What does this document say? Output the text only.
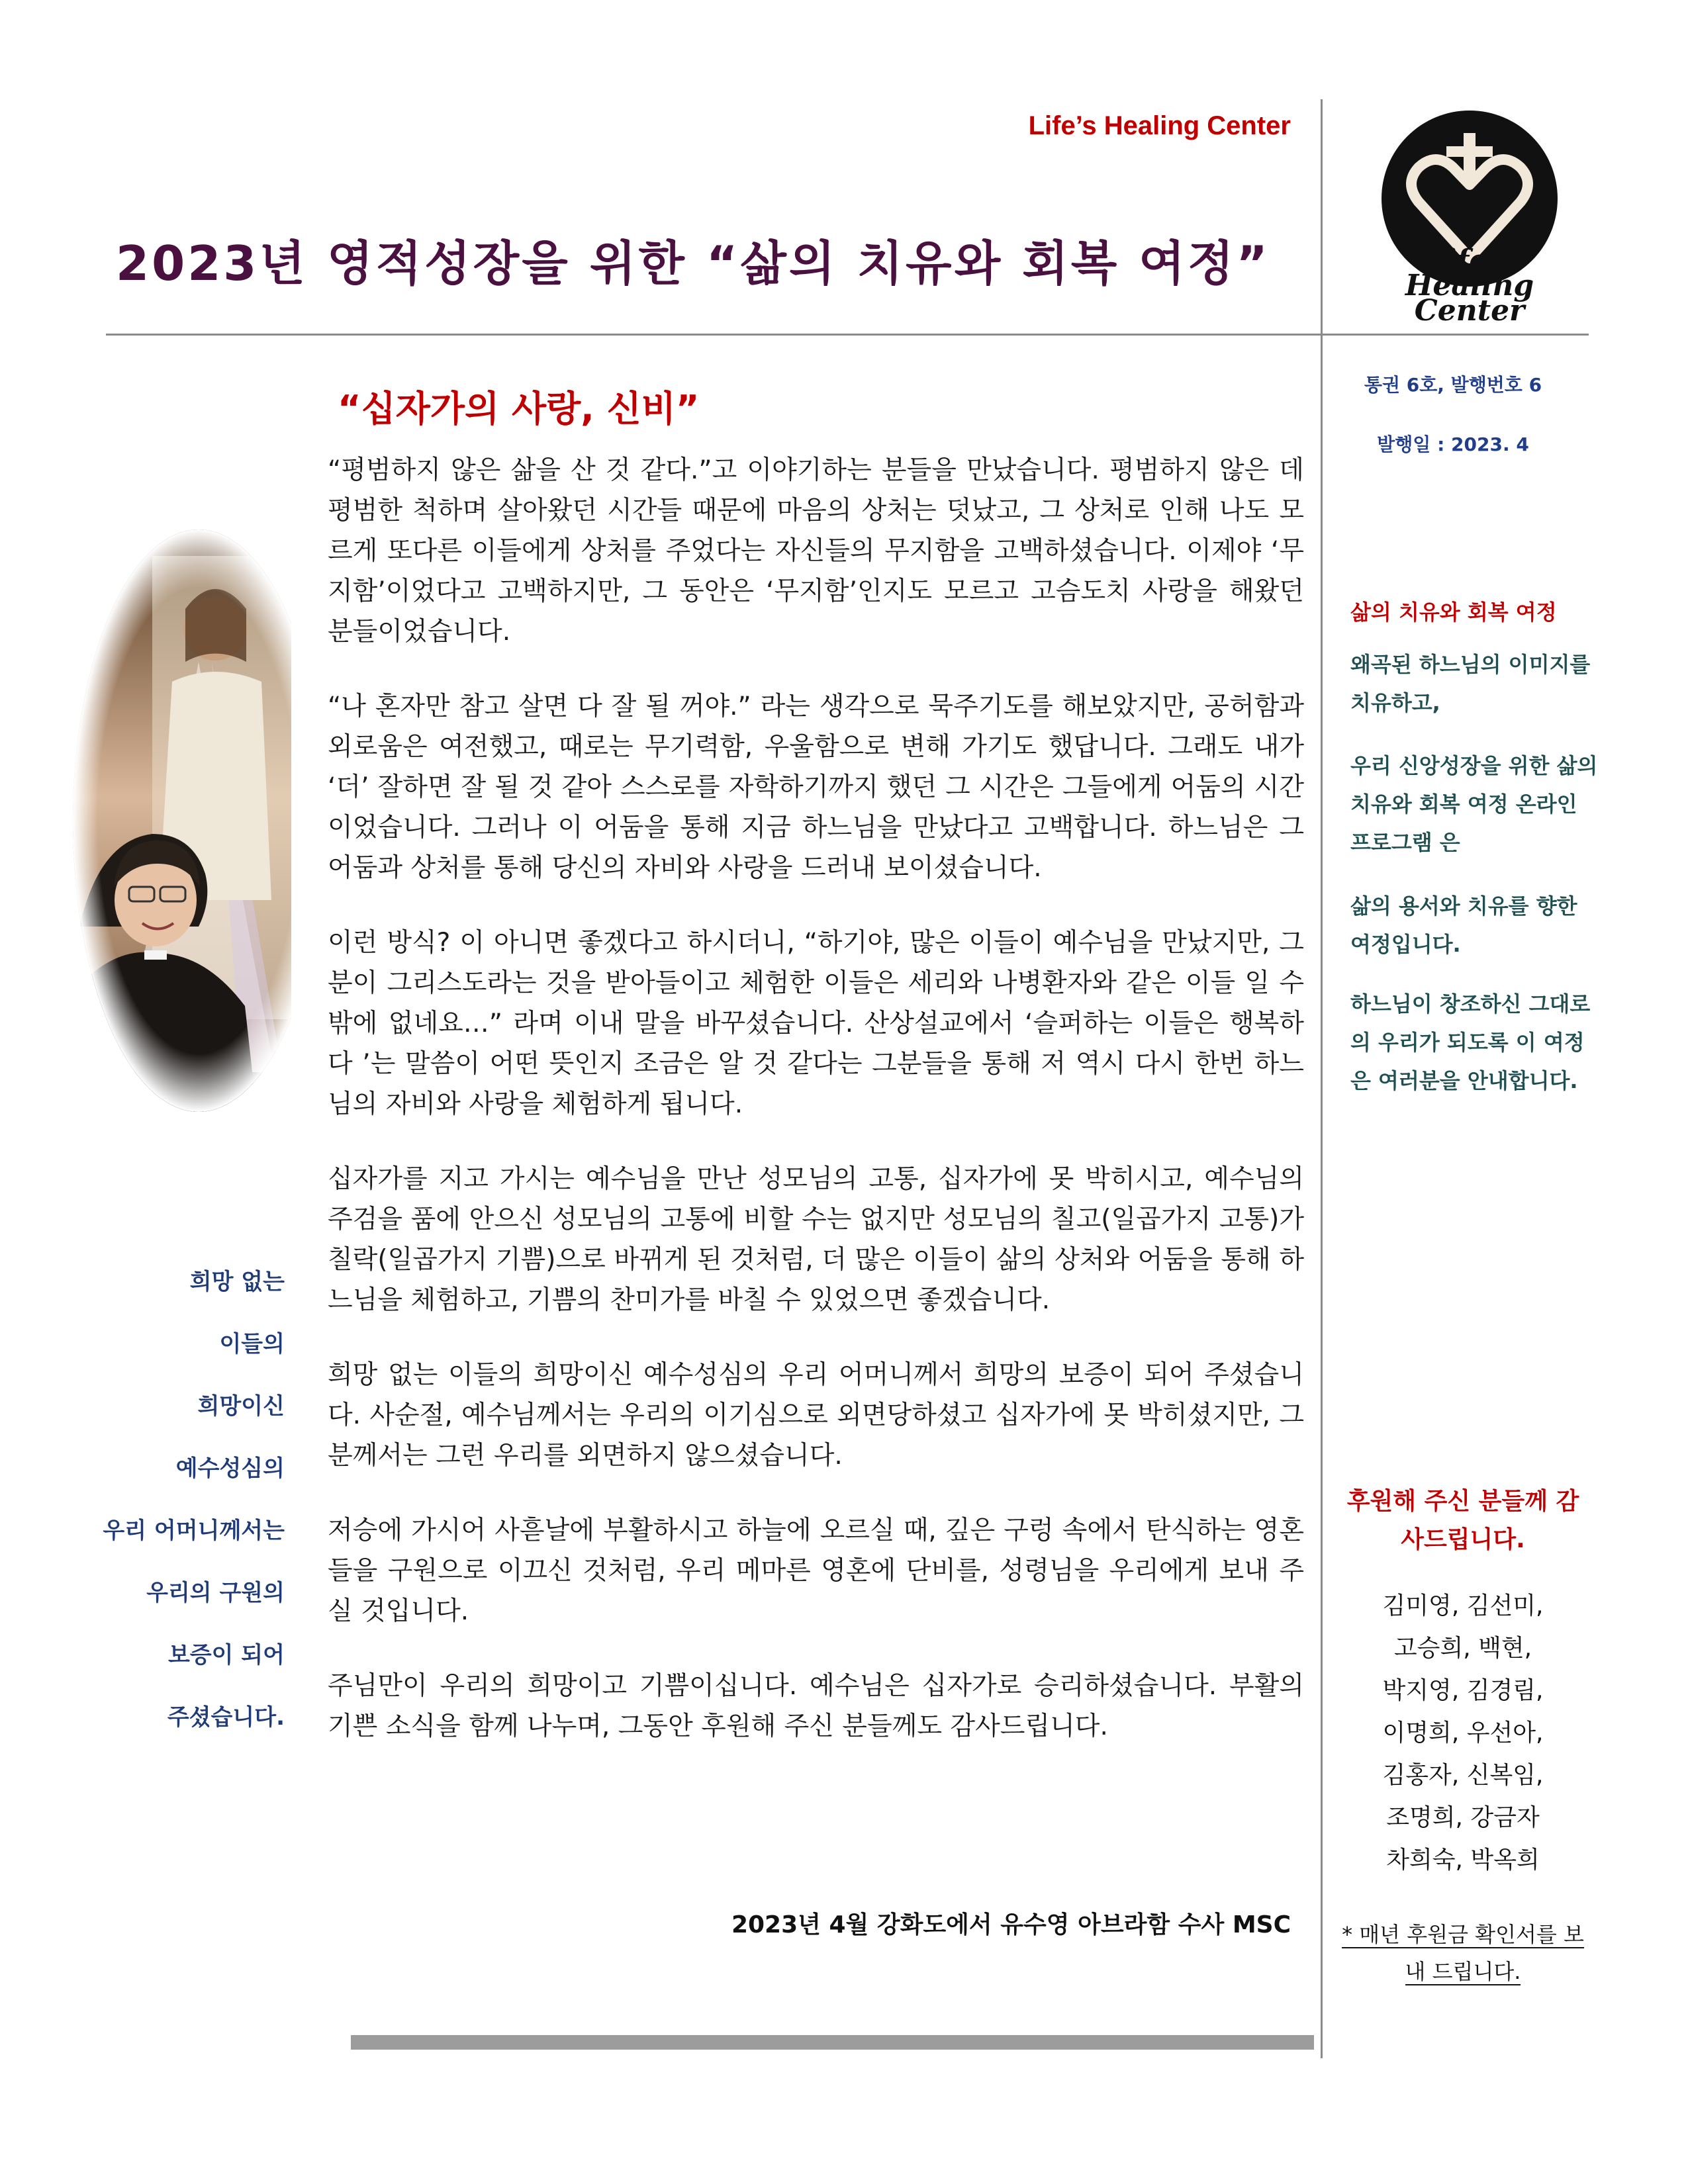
Life’s Healing Center
2023년 영적성장을 위한 “삶의 치유와 회복 여정”
LHC
Life’s
Healing
Center
통권 6호, 발행번호 6
발행일 : 2023. 4
삶의 치유와 회복 여정
왜곡된 하느님의 이미지를 치유하고,
우리 신앙성장을 위한 삶의 치유와 회복 여정 온라인 프로그램 은
삶의 용서와 치유를 향한 여정입니다.
하느님이 창조하신 그대로의 우리가 되도록 이 여정은 여러분을 안내합니다.
후원해 주신 분들께 감사드립니다.
김미영, 김선미,
고승희, 백현,
박지영, 김경림,
이명희, 우선아,
김홍자, 신복임,
조명희, 강금자
차희숙, 박옥희
* 매년 후원금 확인서를 보내 드립니다.
희망 없는
이들의
희망이신
예수성심의
우리 어머니께서는
우리의 구원의
보증이 되어
주셨습니다.
“십자가의 사랑, 신비”

“평범하지 않은 삶을 산 것 같다.”고 이야기하는 분들을 만났습니다. 평범하지 않은 데 평범한 척하며 살아왔던 시간들 때문에 마음의 상처는 덧났고, 그 상처로 인해 나도 모르게 또다른 이들에게 상처를 주었다는 자신들의 무지함을 고백하셨습니다. 이제야 ‘무지함’이었다고 고백하지만, 그 동안은 ‘무지함’인지도 모르고 고슴도치 사랑을 해왔던 분들이었습니다.

“나 혼자만 참고 살면 다 잘 될 꺼야.” 라는 생각으로 묵주기도를 해보았지만, 공허함과 외로움은 여전했고, 때로는 무기력함, 우울함으로 변해 가기도 했답니다. 그래도 내가 ‘더’ 잘하면 잘 될 것 같아 스스로를 자학하기까지 했던 그 시간은 그들에게 어둠의 시간이었습니다. 그러나 이 어둠을 통해 지금 하느님을 만났다고 고백합니다. 하느님은 그 어둠과 상처를 통해 당신의 자비와 사랑을 드러내 보이셨습니다.

이런 방식? 이 아니면 좋겠다고 하시더니, “하기야, 많은 이들이 예수님을 만났지만, 그분이 그리스도라는 것을 받아들이고 체험한 이들은 세리와 나병환자와 같은 이들 일 수 밖에 없네요…” 라며 이내 말을 바꾸셨습니다. 산상설교에서 ‘슬퍼하는 이들은 행복하다 ’는 말씀이 어떤 뜻인지 조금은 알 것 같다는 그분들을 통해 저 역시 다시 한번 하느님의 자비와 사랑을 체험하게 됩니다.

십자가를 지고 가시는 예수님을 만난 성모님의 고통, 십자가에 못 박히시고, 예수님의 주검을 품에 안으신 성모님의 고통에 비할 수는 없지만 성모님의 칠고(일곱가지 고통)가 칠락(일곱가지 기쁨)으로 바뀌게 된 것처럼, 더 많은 이들이 삶의 상처와 어둠을 통해 하느님을 체험하고, 기쁨의 찬미가를 바칠 수 있었으면 좋겠습니다.

희망 없는 이들의 희망이신 예수성심의 우리 어머니께서 희망의 보증이 되어 주셨습니다. 사순절, 예수님께서는 우리의 이기심으로 외면당하셨고 십자가에 못 박히셨지만, 그분께서는 그런 우리를 외면하지 않으셨습니다.

저승에 가시어 사흗날에 부활하시고 하늘에 오르실 때, 깊은 구렁 속에서 탄식하는 영혼들을 구원으로 이끄신 것처럼, 우리 메마른 영혼에 단비를, 성령님을 우리에게 보내 주실 것입니다.

주님만이 우리의 희망이고 기쁨이십니다. 예수님은 십자가로 승리하셨습니다. 부활의 기쁜 소식을 함께 나누며, 그동안 후원해 주신 분들께도 감사드립니다.

2023년 4월 강화도에서 유수영 아브라함 수사 MSC
